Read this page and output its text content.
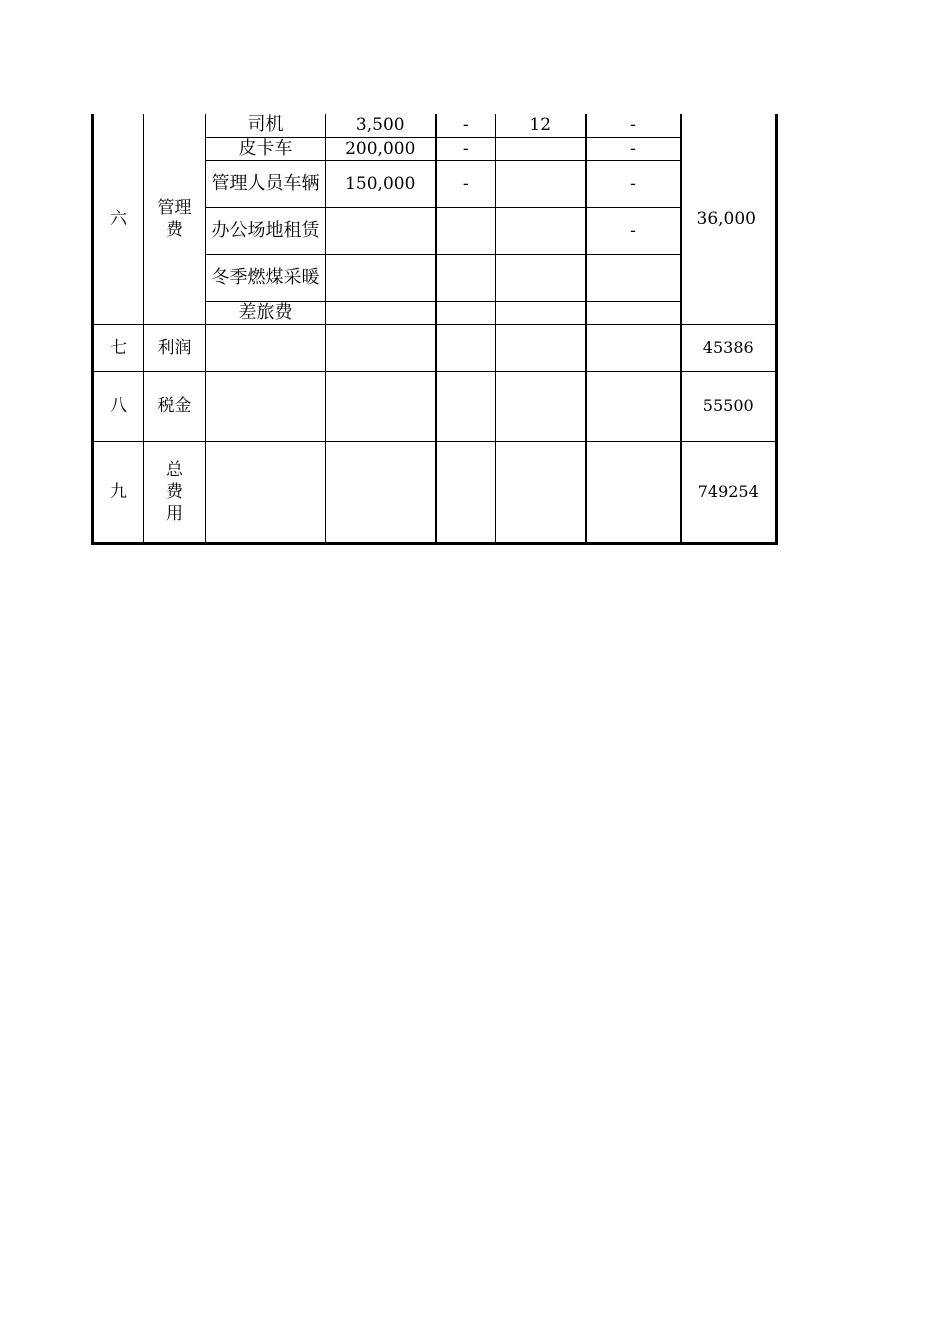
六	管理费	司机	3,500	-	12	-	36,000
		皮卡车	200,000	-		-	
		管理人员车辆	150,000	-		-	
		办公场地租赁				-	
		冬季燃煤采暖					
		差旅费					
七	利润						45386
八	税金						55500
九	总费用						749254
